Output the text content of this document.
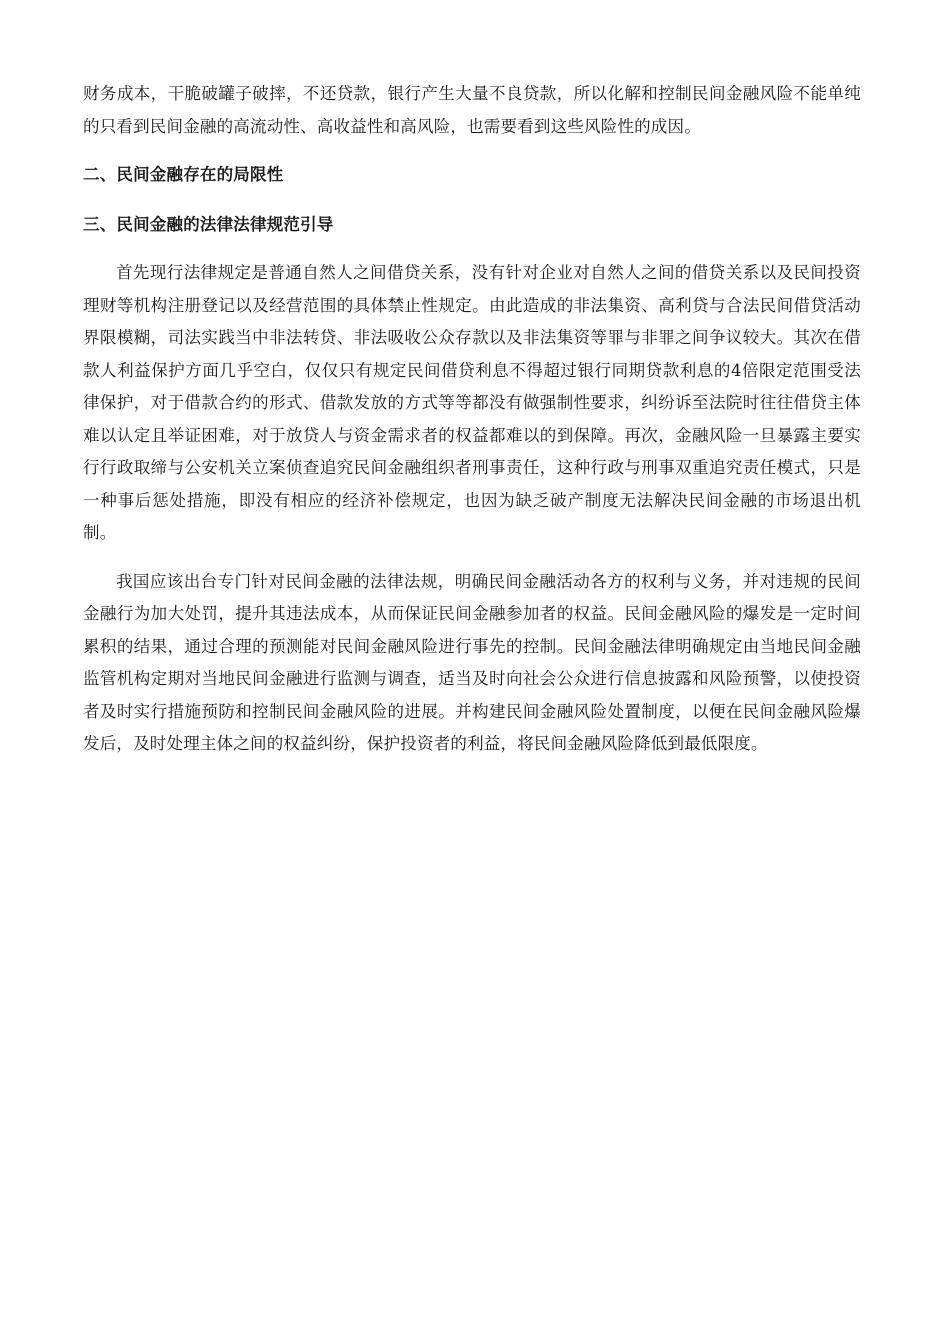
财务成本，干脆破罐子破摔，不还贷款，银行产生大量不良贷款，所以化解和控制民间金融风险不能单纯的只看到民间金融的高流动性、高收益性和高风险，也需要看到这些风险性的成因。

二、民间金融存在的局限性
三、民间金融的法律法律规范引导

首先现行法律规定是普通自然人之间借贷关系，没有针对企业对自然人之间的借贷关系以及民间投资理财等机构注册登记以及经营范围的具体禁止性规定。由此造成的非法集资、高利贷与合法民间借贷活动界限模糊，司法实践当中非法转贷、非法吸收公众存款以及非法集资等罪与非罪之间争议较大。其次在借款人利益保护方面几乎空白，仅仅只有规定民间借贷利息不得超过银行同期贷款利息的4倍限定范围受法律保护，对于借款合约的形式、借款发放的方式等等都没有做强制性要求，纠纷诉至法院时往往借贷主体难以认定且举证困难，对于放贷人与资金需求者的权益都难以的到保障。再次，金融风险一旦暴露主要实行行政取缔与公安机关立案侦查追究民间金融组织者刑事责任，这种行政与刑事双重追究责任模式，只是一种事后惩处措施，即没有相应的经济补偿规定，也因为缺乏破产制度无法解决民间金融的市场退出机制。

我国应该出台专门针对民间金融的法律法规，明确民间金融活动各方的权利与义务，并对违规的民间金融行为加大处罚，提升其违法成本，从而保证民间金融参加者的权益。民间金融风险的爆发是一定时间累积的结果，通过合理的预测能对民间金融风险进行事先的控制。民间金融法律明确规定由当地民间金融监管机构定期对当地民间金融进行监测与调查，适当及时向社会公众进行信息披露和风险预警，以使投资者及时实行措施预防和控制民间金融风险的进展。并构建民间金融风险处置制度，以便在民间金融风险爆发后，及时处理主体之间的权益纠纷，保护投资者的利益，将民间金融风险降低到最低限度。
